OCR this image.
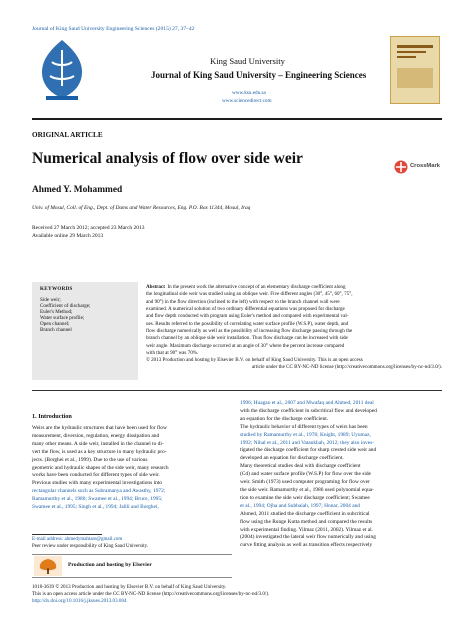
Journal of King Saud University Engineering Sciences (2015) 27, 37–42
King Saud University
Journal of King Saud University – Engineering Sciences
www.ksu.edu.sa
www.sciencedirect.com
ORIGINAL ARTICLE
Numerical analysis of flow over side weir	CrossMark
Ahmed Y. Mohammed
Univ. of Mosul, Coll. of Eng., Dept. of Dams and Water Resources, Eng. P.O. Box 11344, Mosul, Iraq
Received 27 March 2012; accepted 23 March 2013
Available online 29 March 2013
KEYWORDS
Side weir;
Coefficient of discharge;
Euler's Method;
Water surface profile;
Open channel;
Branch channel
Abstract In the present work the alternative concept of an elementary discharge coefficient along
the longitudinal side weir was studied using an oblique weir. Five different angles (30°, 45°, 60°, 75°,
and 90°) in the flow direction (inclined to the left) with respect to the branch channel wall were
examined. A numerical solution of two ordinary differential equations was proposed for discharge
and flow depth conducted with program using Euler's method and compared with experimental val-
ues. Results referred to the possibility of correlating water surface profile (W.S.P), water depth, and
flow discharge numerically as well as the possibility of increasing flow discharge passing through the
branch channel by an oblique side weir installation. Thus flow discharge can be increased with side
weir angle. Maximum discharge occurred at an angle of 30° where the percent increase compared
with that at 90° was 70%.
© 2013 Production and hosting by Elsevier B.V. on behalf of King Saud University. This is an open access
article under the CC BY-NC-ND license (http://creativecommons.org/licenses/by-nc-nd/3.0/).
1. Introduction
Weirs are the hydraulic structures that have been used for flow
measurement, diversion, regulation, energy dissipation and
many other means. A side weir, installed in the channel to di-
vert the flow, is used as a key structure in many hydraulic pro-
jects. (Borghei et al., 1999). Due to the use of various
geometric and hydraulic shapes of the side weir, many research
works have been conducted for different types of side weir.
Previous studies with many experimental investigations into
rectangular channels such as Subramanya and Awasthy, 1972;
Ramamurthy et al., 1980; Swamee et al., 1994; Bruce, 1995;
Swamee et al., 1995; Singh et al., 1994; Jalili and Borghei,
1996; Huagao et al., 2007 and Mwafaq and Ahmed, 2011 deal
with the discharge coefficient in subcritical flow and developed
an equation for the discharge coefficient.
The hydraulic behavior of different types of weirs has been
studied by Ramamurthy et al., 1978; Knight, 1989; Uyumaz,
1992; Nihal et al., 2011 and Vatankhah, 2012; they also inves-
tigated the discharge coefficient for sharp crested side weir and
developed an equation for discharge coefficient.
Many theoretical studies deal with discharge coefficient
(Cd) and water surface profile (W.S.P) for flow over the side
weir. Smith (1973) used computer programing for flow over
the side weir. Ramamurthy et al., 1986 used polynomial equa-
tion to examine the side weir discharge coefficient; Swamee
et al., 1994; Ojha and Subbaiah, 1997; Honar, 2004 and
Ahmed, 2011 studied the discharge coefficient in subcritical
flow using the Runge Kutta method and compared the results
with experimental finding. Yilmaz (2011, 2002). Yilmaz et al.
(2004) investigated the lateral weir flow numerically and using
curve fitting analysis as well as transition effects respectively
E-mail address: ahmedymahtare@gmail.com
Peer review under responsibility of King Saud University.
Production and hosting by Elsevier
1018-3639 © 2013 Production and hosting by Elsevier B.V. on behalf of King Saud University.
This is an open access article under the CC BY-NC-ND license (http://creativecommons.org/licenses/by-nc-nd/3.0/).
http://dx.doi.org/10.1016/j.jksues.2013.03.004
